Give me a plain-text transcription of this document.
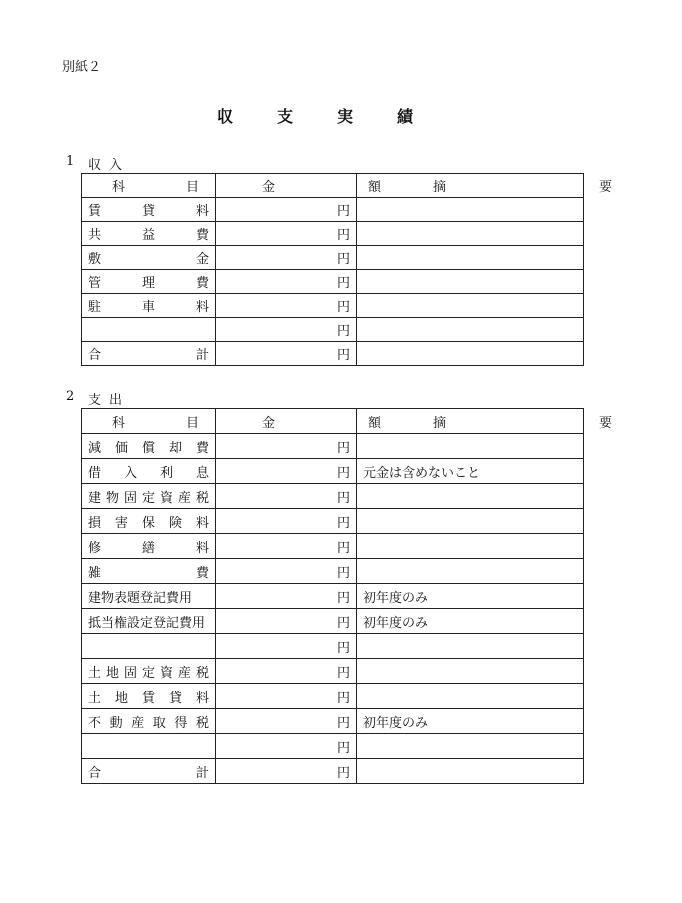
別紙２
収　支　実　績
1 収入
科　目	金　額	摘　要
賃貸料	円	
共益費	円	
敷金	円	
管理費	円	
駐車料	円	
	円	
合計	円	
2 支出
科　目	金　額	摘　要
減価償却費	円	
借入利息	円	元金は含めないこと
建物固定資産税	円	
損害保険料	円	
修繕料	円	
雑費	円	
建物表題登記費用	円	初年度のみ
抵当権設定登記費用	円	初年度のみ
	円	
土地固定資産税	円	
土地賃貸料	円	
不動産取得税	円	初年度のみ
	円	
合計	円	
